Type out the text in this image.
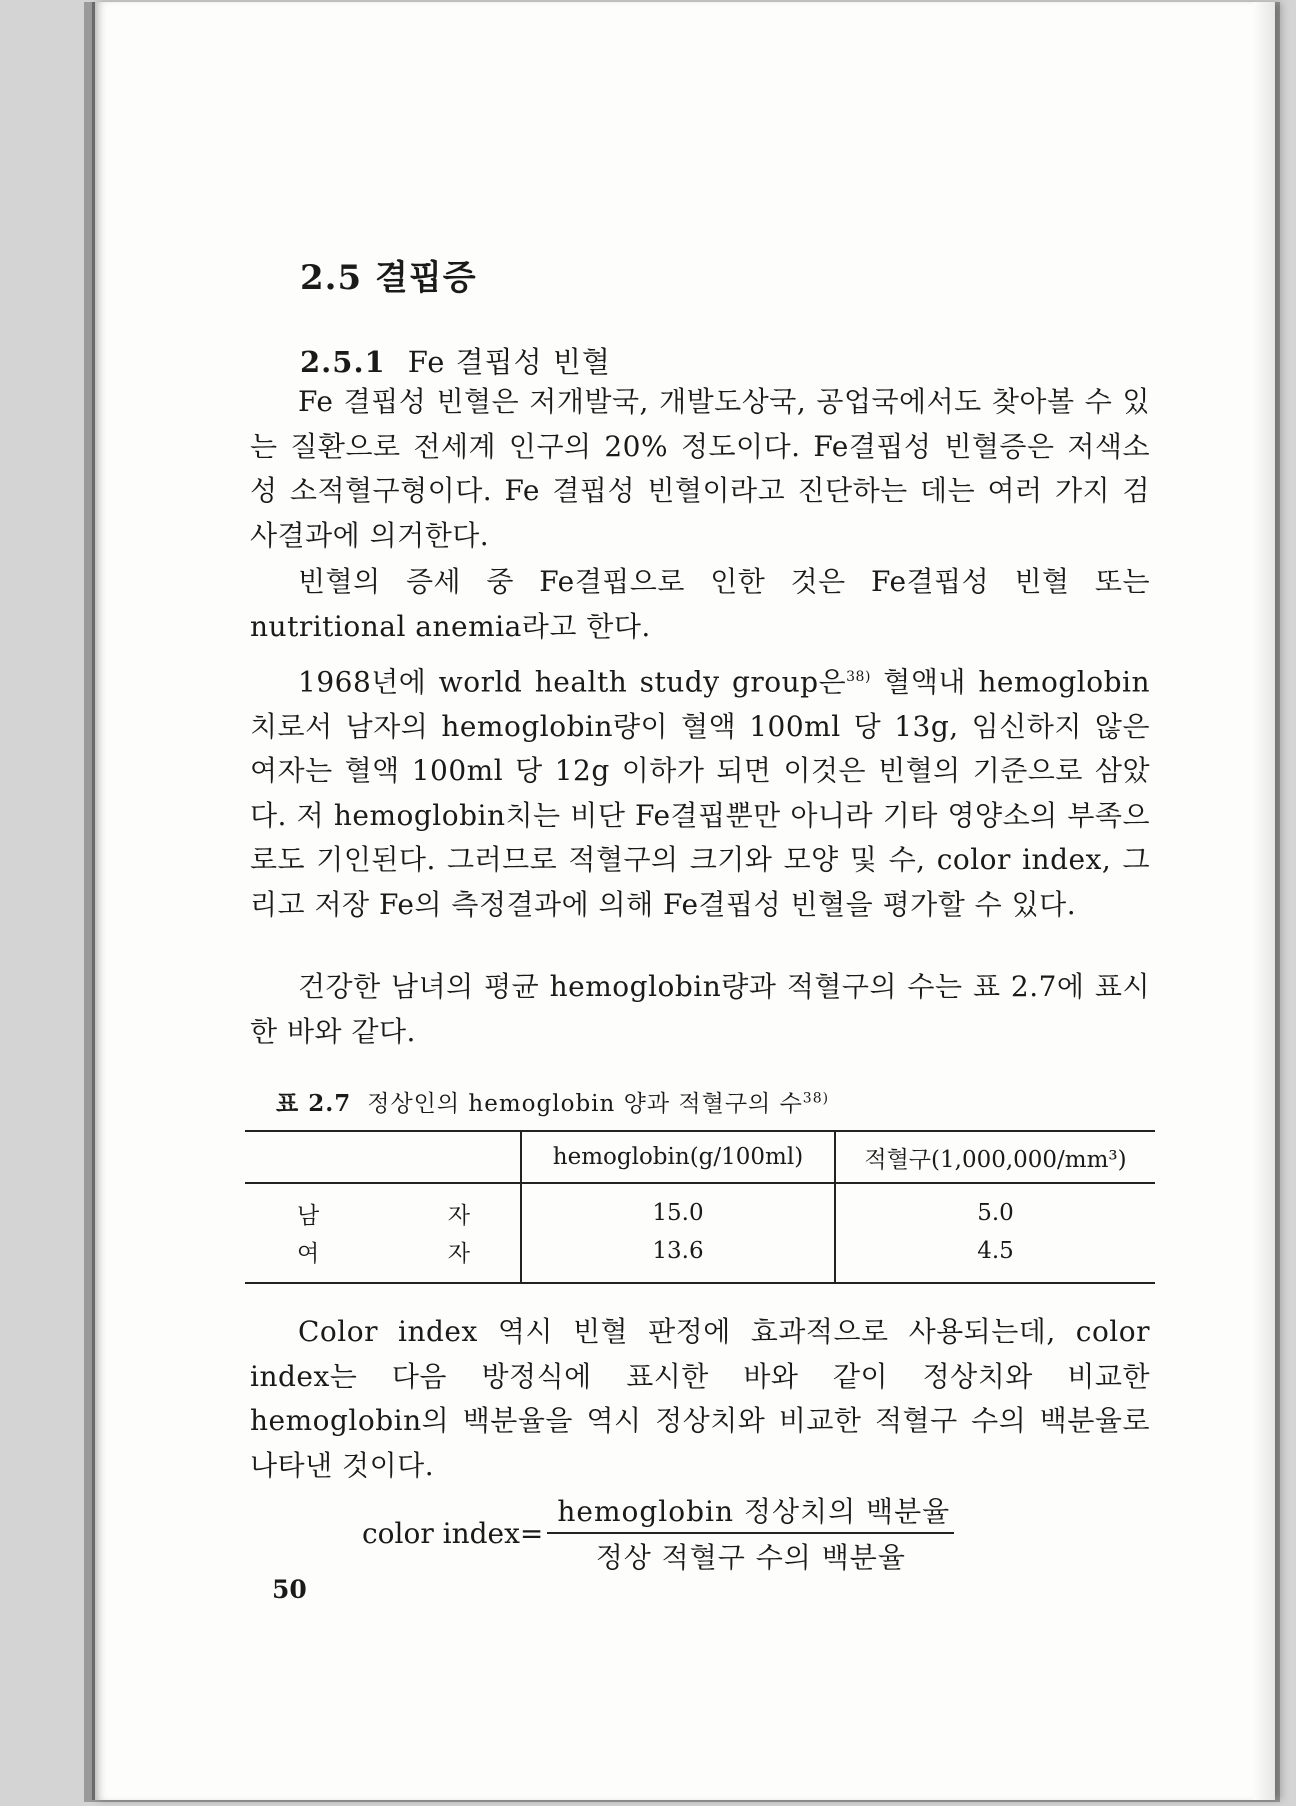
2.5 결핍증
2.5.1 Fe 결핍성 빈혈

Fe 결핍성 빈혈은 저개발국, 개발도상국, 공업국에서도 찾아볼 수 있는 질환으로 전세계 인구의 20% 정도이다. Fe결핍성 빈혈증은 저색소성 소적혈구형이다. Fe 결핍성 빈혈이라고 진단하는 데는 여러 가지 검사결과에 의거한다.

빈혈의 증세 중 Fe결핍으로 인한 것은 Fe결핍성 빈혈 또는 nutritional anemia라고 한다.

1968년에 world health study group은$^{38)}$ 혈액내 hemoglobin치로서 남자의 hemoglobin량이 혈액 100ml 당 13g, 임신하지 않은 여자는 혈액 100ml 당 12g 이하가 되면 이것은 빈혈의 기준으로 삼았다. 저 hemoglobin치는 비단 Fe결핍뿐만 아니라 기타 영양소의 부족으로도 기인된다. 그러므로 적혈구의 크기와 모양 및 수, color index, 그리고 저장 Fe의 측정결과에 의해 Fe결핍성 빈혈을 평가할 수 있다.

건강한 남녀의 평균 hemoglobin량과 적혈구의 수는 표 2.7에 표시한 바와 같다.

표 2.7 정상인의 hemoglobin 양과 적혈구의 수$^{38)}$
	hemoglobin(g/100ml)	적혈구(1,000,000/mm³)

남 자	15.0	5.0

여 자	13.6	4.5

Color index 역시 빈혈 판정에 효과적으로 사용되는데, color index는 다음 방정식에 표시한 바와 같이 정상치와 비교한 hemoglobin의 백분율을 역시 정상치와 비교한 적혈구 수의 백분율로 나타낸 것이다.

color index= $\frac{\text{hemoglobin 정상치의 백분율}}{\text{정상 적혈구 수의 백분율}}$
50
